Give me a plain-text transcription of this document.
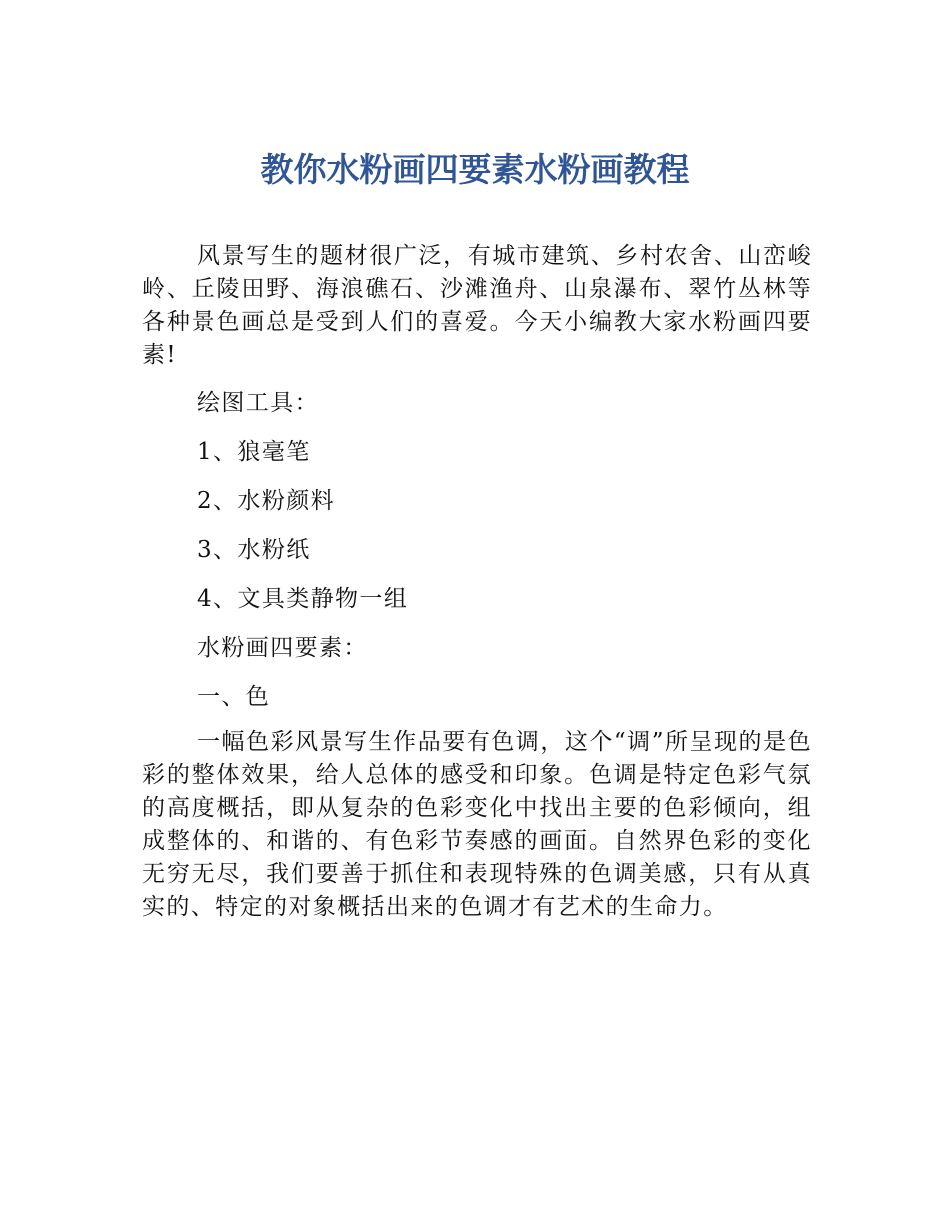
教你水粉画四要素水粉画教程

风景写生的题材很广泛，有城市建筑、乡村农舍、山峦峻岭、丘陵田野、海浪礁石、沙滩渔舟、山泉瀑布、翠竹丛林等各种景色画总是受到人们的喜爱。今天小编教大家水粉画四要素!

绘图工具：

1、狼毫笔

2、水粉颜料

3、水粉纸

4、文具类静物一组

水粉画四要素：

一、色

一幅色彩风景写生作品要有色调，这个“调”所呈现的是色彩的整体效果，给人总体的感受和印象。色调是特定色彩气氛的高度概括，即从复杂的色彩变化中找出主要的色彩倾向，组成整体的、和谐的、有色彩节奏感的画面。自然界色彩的变化无穷无尽，我们要善于抓住和表现特殊的色调美感，只有从真实的、特定的对象概括出来的色调才有艺术的生命力。
